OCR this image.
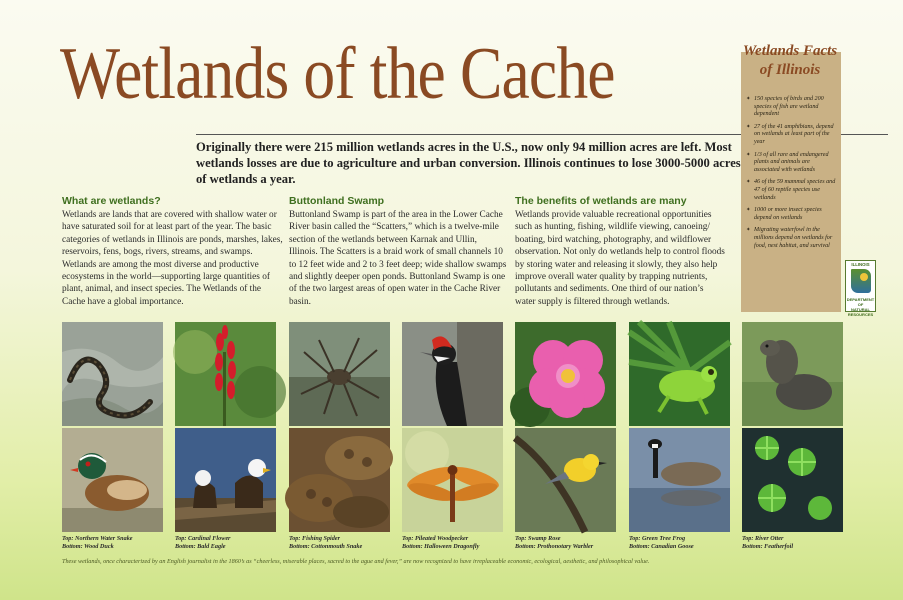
Wetlands of the Cache
Originally there were 215 million wetlands acres in the U.S., now only 94 million acres are left. Most wetlands losses are due to agriculture and urban conversion. Illinois continues to lose 3000-5000 acres of wetlands a year.
What are wetlands?

Wetlands are lands that are covered with shallow water or have saturated soil for at least part of the year. The basic categories of wetlands in Illinois are ponds, marshes, lakes, reservoirs, fens, bogs, rivers, streams, and swamps. Wetlands are among the most diverse and productive ecosystems in the world—supporting large quantities of plant, animal, and insect species. The Wetlands of the Cache have a global importance.

Buttonland Swamp

Buttonland Swamp is part of the area in the Lower Cache River basin called the “Scatters,” which is a twelve-mile section of the wetlands between Karnak and Ullin, Illinois. The Scatters is a braid work of small channels 10 to 12 feet wide and 2 to 3 feet deep; wide shallow swamps and slightly deeper open ponds. Buttonland Swamp is one of the two largest areas of open water in the Cache River basin.

The benefits of wetlands are many

Wetlands provide valuable recreational opportunities such as hunting, fishing, wildlife viewing, canoeing/ boating, bird watching, photography, and wildflower observation. Not only do wetlands help to control floods by storing water and releasing it slowly, they also help improve overall water quality by trapping nutrients, pollutants and sediments. One third of our nation’s water supply is filtered through wetlands.

✦ 150 species of birds and 200 species of fish are wetland dependent
✦ 27 of the 41 amphibians, depend on wetlands at least part of the year
✦ 1/3 of all rare and endangered plants and animals are associated with wetlands
✦ 46 of the 59 mammal species and 47 of 60 reptile species use wetlands
✦ 1000 or more insect species depend on wetlands
✦ Migrating waterfowl in the millions depend on wetlands for food, nest habitat, and survival
Wetlands Facts
of Illinois
ILLINOIS
DEPARTMENT OF
NATURAL
RESOURCES
Top: Northern Water Snake
Bottom: Wood Duck
Top: Cardinal Flower
Bottom: Bald Eagle
Top: Fishing Spider
Bottom: Cottonmouth Snake
Top: Pileated Woodpecker
Bottom: Halloween Dragonfly
Top: Swamp Rose
Bottom: Prothonotary Warbler
Top: Green Tree Frog
Bottom: Canadian Goose
Top: River Otter
Bottom: Featherfoil
These wetlands, once characterized by an English journalist in the 1860’s as “cheerless, miserable places, sacred to the ague and fever,” are now recognized to have irreplaceable economic, ecological, aesthetic, and philosophical value.
